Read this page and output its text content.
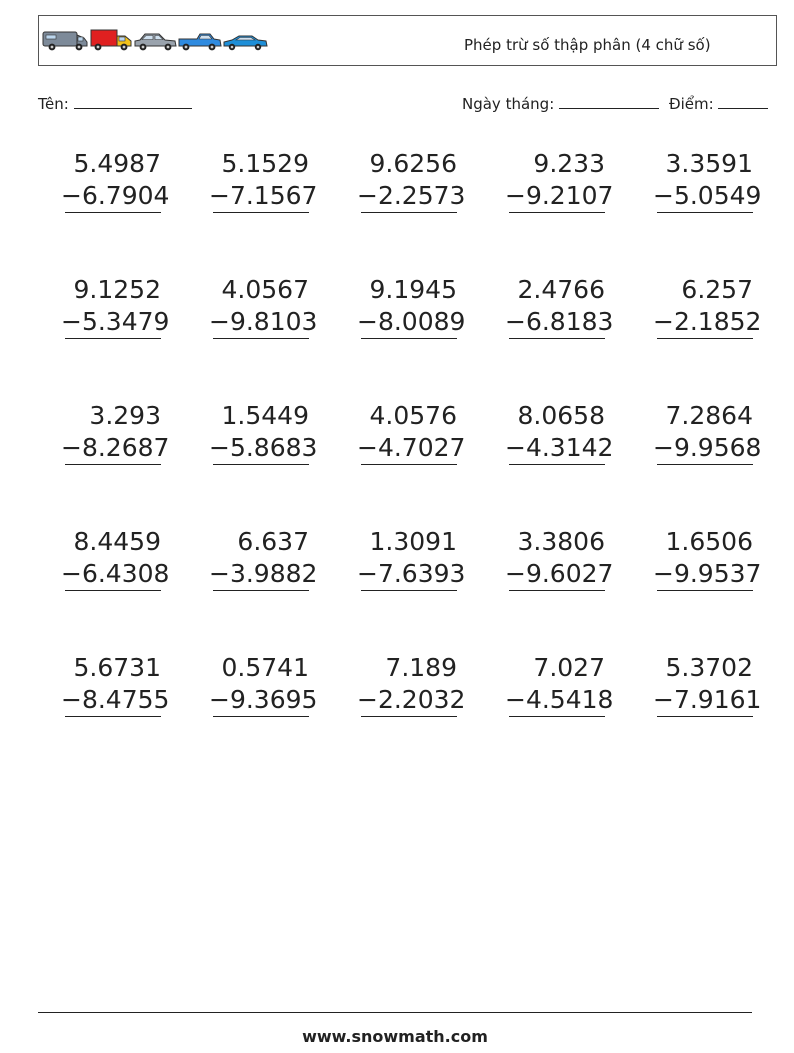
Phép trừ số thập phân (4 chữ số)
Tên:	Ngày tháng:	Điểm:
5.4987
−6.7904
5.1529
−7.1567
9.6256
−2.2573
9.233
−9.2107
3.3591
−5.0549
9.1252
−5.3479
4.0567
−9.8103
9.1945
−8.0089
2.4766
−6.8183
6.257
−2.1852
3.293
−8.2687
1.5449
−5.8683
4.0576
−4.7027
8.0658
−4.3142
7.2864
−9.9568
8.4459
−6.4308
6.637
−3.9882
1.3091
−7.6393
3.3806
−9.6027
1.6506
−9.9537
5.6731
−8.4755
0.5741
−9.3695
7.189
−2.2032
7.027
−4.5418
5.3702
−7.9161
www.snowmath.com
